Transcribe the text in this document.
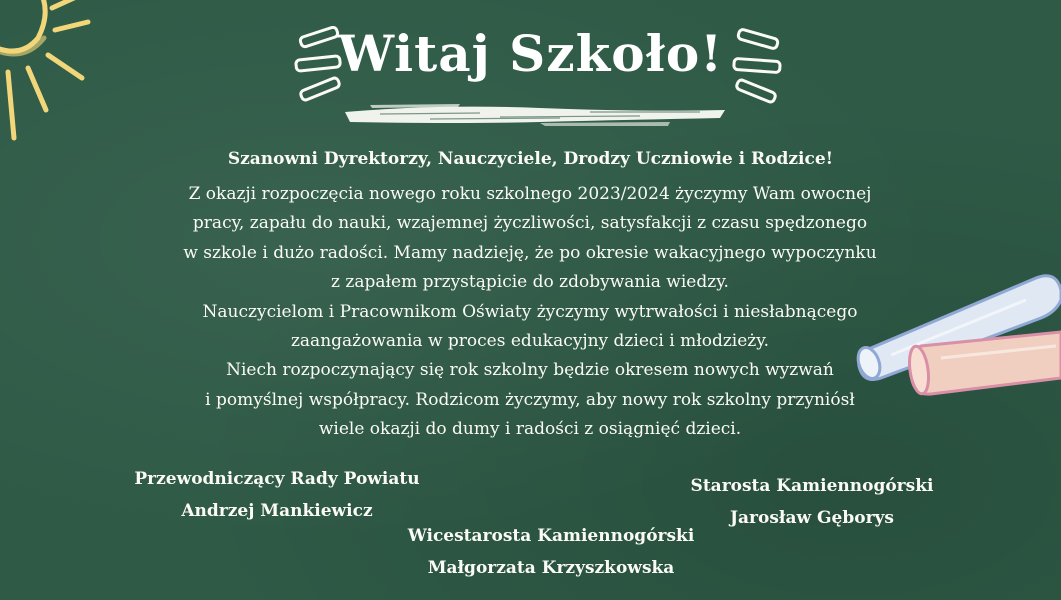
Witaj Szkoło!

Szanowni Dyrektorzy, Nauczyciele, Drodzy Uczniowie i Rodzice!

Z okazji rozpoczęcia nowego roku szkolnego 2023/2024 życzymy Wam owocnej
pracy, zapału do nauki, wzajemnej życzliwości, satysfakcji z czasu spędzonego
w szkole i dużo radości. Mamy nadzieję, że po okresie wakacyjnego wypoczynku
z zapałem przystąpicie do zdobywania wiedzy.
Nauczycielom i Pracownikom Oświaty życzymy wytrwałości i niesłabnącego
zaangażowania w proces edukacyjny dzieci i młodzieży.
Niech rozpoczynający się rok szkolny będzie okresem nowych wyzwań
i pomyślnej współpracy. Rodzicom życzymy, aby nowy rok szkolny przyniósł
wiele okazji do dumy i radości z osiągnięć dzieci.
Przewodniczący Rady Powiatu
Andrzej Mankiewicz
Wicestarosta Kamiennogórski
Małgorzata Krzyszkowska
Starosta Kamiennogórski
Jarosław Gęborys
